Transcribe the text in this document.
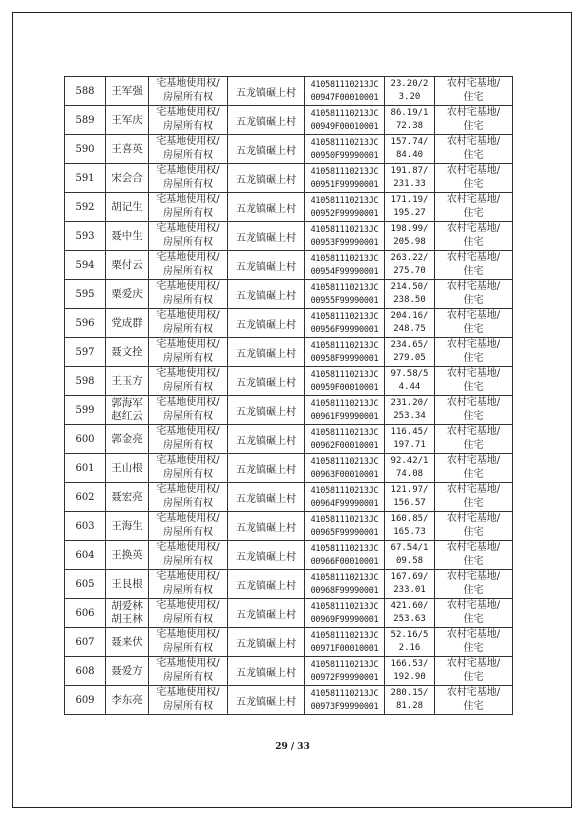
588	王军强	宅基地使用权/
房屋所有权	五龙镇碾上村	410581110213JC
00947F00010001	23.20/2
3.20	农村宅基地/
住宅

589	王军庆	宅基地使用权/
房屋所有权	五龙镇碾上村	410581110213JC
00949F00010001	86.19/1
72.38	农村宅基地/
住宅

590	王喜英	宅基地使用权/
房屋所有权	五龙镇碾上村	410581110213JC
00950F99990001	157.74/
84.40	农村宅基地/
住宅

591	宋会合	宅基地使用权/
房屋所有权	五龙镇碾上村	410581110213JC
00951F99990001	191.87/
231.33	农村宅基地/
住宅

592	胡记生	宅基地使用权/
房屋所有权	五龙镇碾上村	410581110213JC
00952F99990001	171.19/
195.27	农村宅基地/
住宅

593	聂中生	宅基地使用权/
房屋所有权	五龙镇碾上村	410581110213JC
00953F99990001	198.99/
205.98	农村宅基地/
住宅

594	栗付云	宅基地使用权/
房屋所有权	五龙镇碾上村	410581110213JC
00954F99990001	263.22/
275.70	农村宅基地/
住宅

595	栗爱庆	宅基地使用权/
房屋所有权	五龙镇碾上村	410581110213JC
00955F99990001	214.50/
238.50	农村宅基地/
住宅

596	党成群	宅基地使用权/
房屋所有权	五龙镇碾上村	410581110213JC
00956F99990001	204.16/
248.75	农村宅基地/
住宅

597	聂文拴	宅基地使用权/
房屋所有权	五龙镇碾上村	410581110213JC
00958F99990001	234.65/
279.05	农村宅基地/
住宅

598	王玉方	宅基地使用权/
房屋所有权	五龙镇碾上村	410581110213JC
00959F00010001	97.58/5
4.44	农村宅基地/
住宅

599	郭海军
赵红云	宅基地使用权/
房屋所有权	五龙镇碾上村	410581110213JC
00961F99990001	231.20/
253.34	农村宅基地/
住宅

600	郭金亮	宅基地使用权/
房屋所有权	五龙镇碾上村	410581110213JC
00962F00010001	116.45/
197.71	农村宅基地/
住宅

601	王山根	宅基地使用权/
房屋所有权	五龙镇碾上村	410581110213JC
00963F00010001	92.42/1
74.08	农村宅基地/
住宅

602	聂宏亮	宅基地使用权/
房屋所有权	五龙镇碾上村	410581110213JC
00964F99990001	121.97/
156.57	农村宅基地/
住宅

603	王海生	宅基地使用权/
房屋所有权	五龙镇碾上村	410581110213JC
00965F99990001	160.85/
165.73	农村宅基地/
住宅

604	王换英	宅基地使用权/
房屋所有权	五龙镇碾上村	410581110213JC
00966F00010001	67.54/1
09.58	农村宅基地/
住宅

605	王艮根	宅基地使用权/
房屋所有权	五龙镇碾上村	410581110213JC
00968F99990001	167.69/
233.01	农村宅基地/
住宅

606	胡爱林
胡王林	宅基地使用权/
房屋所有权	五龙镇碾上村	410581110213JC
00969F99990001	421.60/
253.63	农村宅基地/
住宅

607	聂来伏	宅基地使用权/
房屋所有权	五龙镇碾上村	410581110213JC
00971F00010001	52.16/5
2.16	农村宅基地/
住宅

608	聂爱方	宅基地使用权/
房屋所有权	五龙镇碾上村	410581110213JC
00972F99990001	166.53/
192.90	农村宅基地/
住宅

609	李东亮	宅基地使用权/
房屋所有权	五龙镇碾上村	410581110213JC
00973F99990001	280.15/
81.28	农村宅基地/
住宅
29 / 33
